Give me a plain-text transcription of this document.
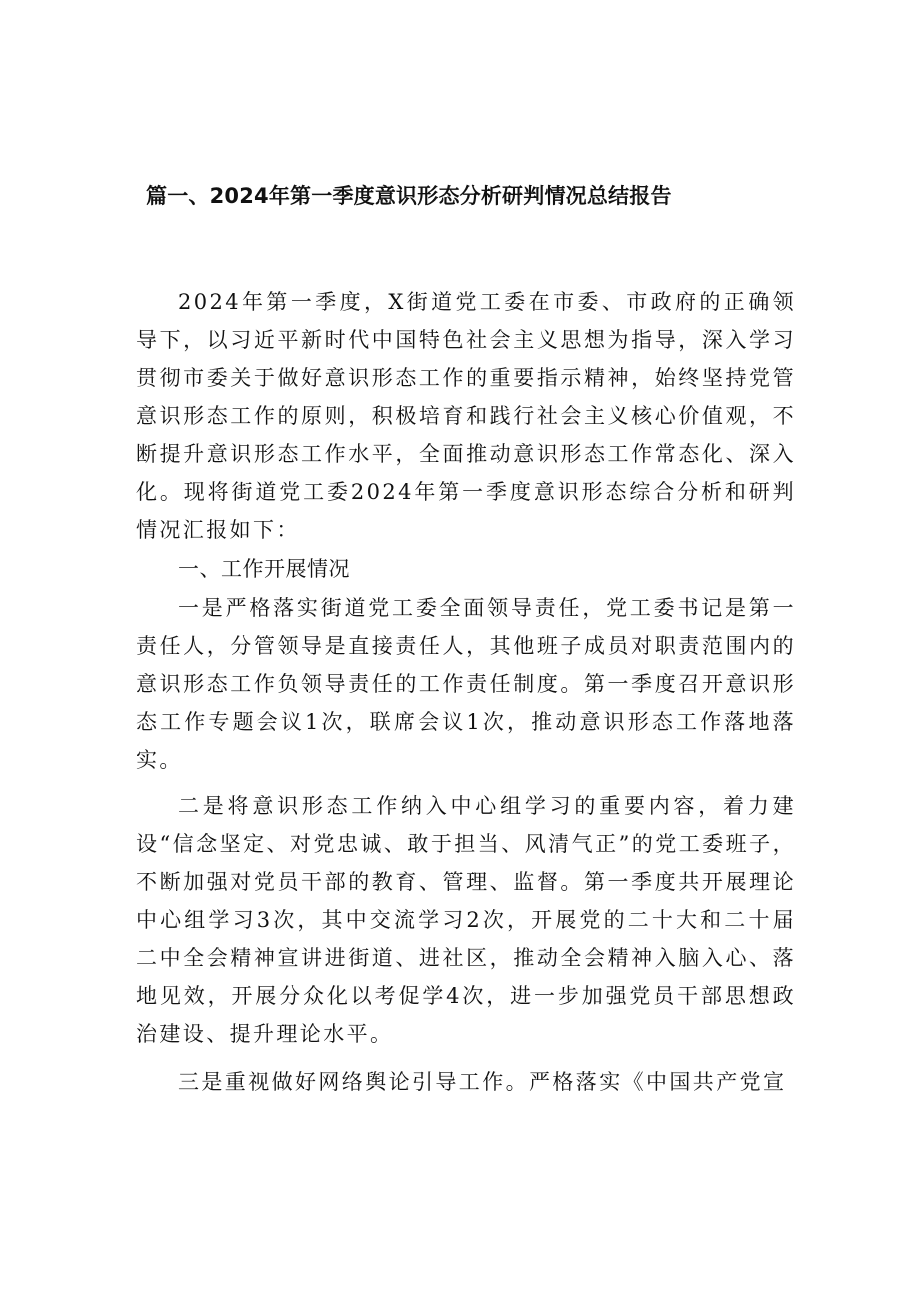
篇一、2024年第一季度意识形态分析研判情况总结报告

2024年第一季度，X街道党工委在市委、市政府的正确领导下，以习近平新时代中国特色社会主义思想为指导，深入学习贯彻市委关于做好意识形态工作的重要指示精神，始终坚持党管意识形态工作的原则，积极培育和践行社会主义核心价值观，不断提升意识形态工作水平，全面推动意识形态工作常态化、深入化。现将街道党工委2024年第一季度意识形态综合分析和研判情况汇报如下：

一、工作开展情况

一是严格落实街道党工委全面领导责任，党工委书记是第一责任人，分管领导是直接责任人，其他班子成员对职责范围内的意识形态工作负领导责任的工作责任制度。第一季度召开意识形态工作专题会议1次，联席会议1次，推动意识形态工作落地落实。

二是将意识形态工作纳入中心组学习的重要内容，着力建设“信念坚定、对党忠诚、敢于担当、风清气正”的党工委班子，不断加强对党员干部的教育、管理、监督。第一季度共开展理论中心组学习3次，其中交流学习2次，开展党的二十大和二十届二中全会精神宣讲进街道、进社区，推动全会精神入脑入心、落地见效，开展分众化以考促学4次，进一步加强党员干部思想政治建设、提升理论水平。

三是重视做好网络舆论引导工作。严格落实《中国共产党宣
